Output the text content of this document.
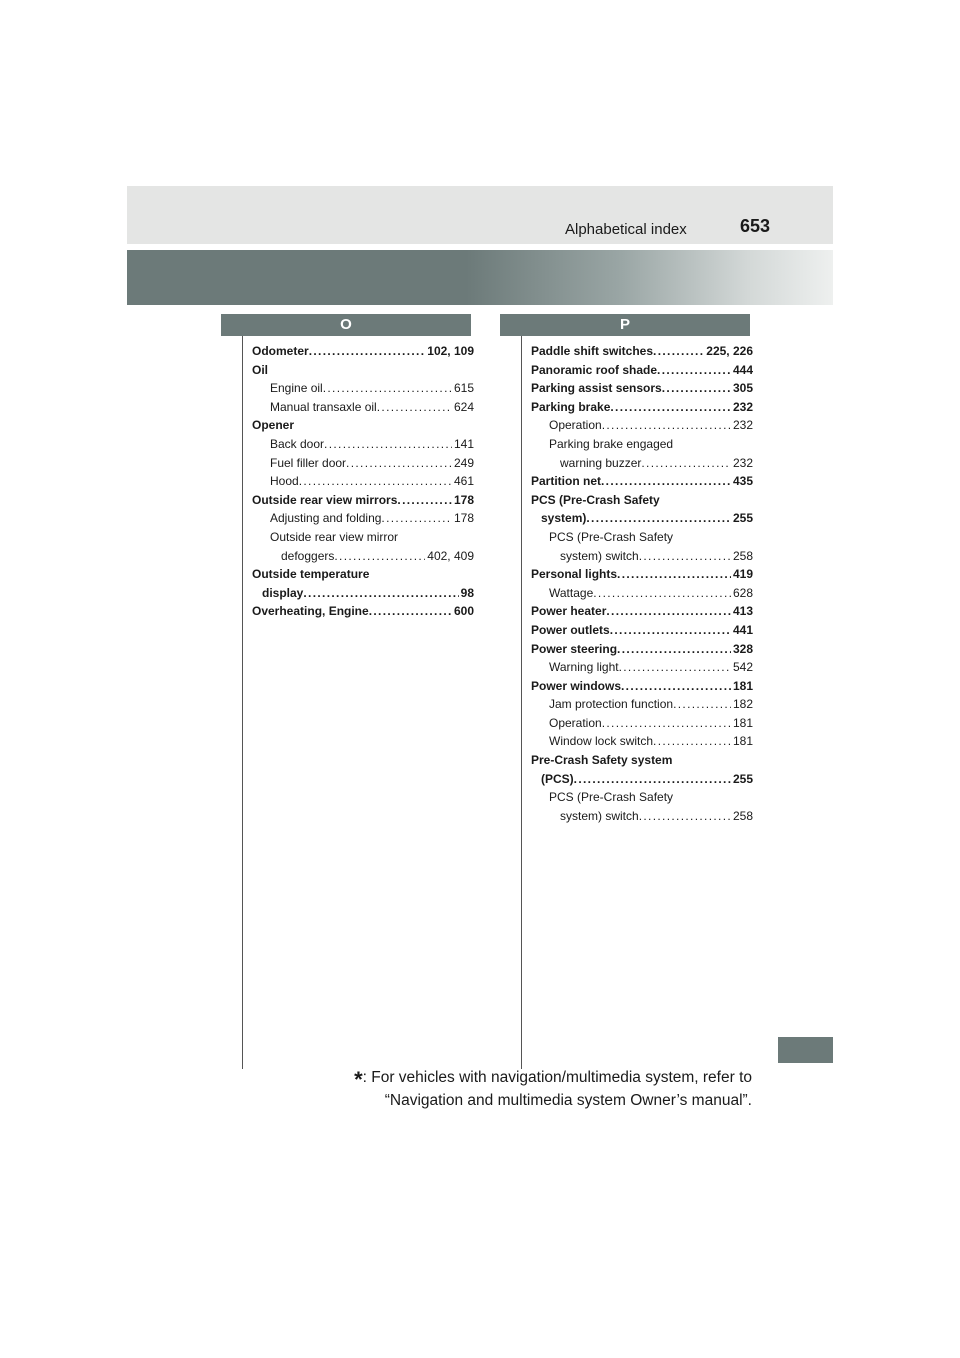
Alphabetical index	653
O	P
Odometer . . .	102, 109
Oil
Engine oil . . .	615
Manual transaxle oil . . .	624
Opener
Back door . . .	141
Fuel filler door . . .	249
Hood . . .	461
Outside rear view mirrors . . .	178
Adjusting and folding . . .	178
Outside rear view mirror
defoggers . . .	402, 409
Outside temperature
display . . .	98
Overheating, Engine . . .	600
Paddle shift switches . . .	225, 226
Panoramic roof shade . . .	444
Parking assist sensors . . .	305
Parking brake . . .	232
Operation . . .	232
Parking brake engaged
warning buzzer . . .	232
Partition net . . .	435
PCS (Pre-Crash Safety
system) . . .	255
PCS (Pre-Crash Safety
system) switch . . .	258
Personal lights . . .	419
Wattage . . .	628
Power heater . . .	413
Power outlets . . .	441
Power steering . . .	328
Warning light . . .	542
Power windows . . .	181
Jam protection function . . .	182
Operation . . .	181
Window lock switch . . .	181
Pre-Crash Safety system
(PCS) . . .	255
PCS (Pre-Crash Safety
system) switch . . .	258
*: For vehicles with navigation/multimedia system, refer to
“Navigation and multimedia system Owner’s manual”.
